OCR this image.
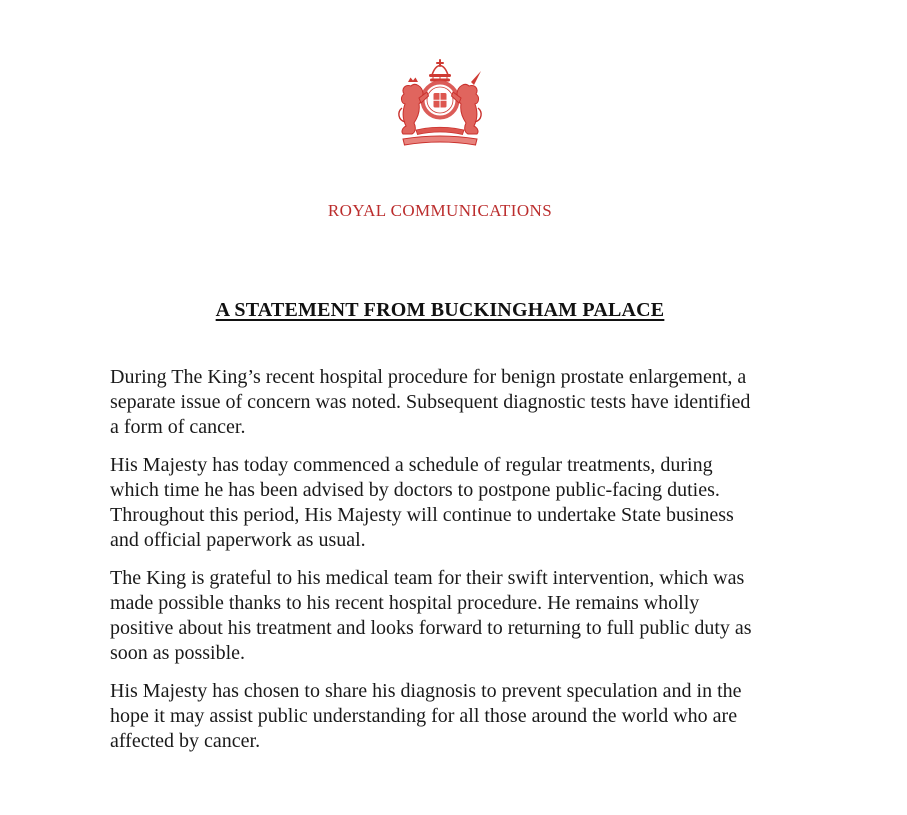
ROYAL COMMUNICATIONS
A STATEMENT FROM BUCKINGHAM PALACE

During The King’s recent hospital procedure for benign prostate enlargement, a
separate issue of concern was noted. Subsequent diagnostic tests have identified
a form of cancer.

His Majesty has today commenced a schedule of regular treatments, during
which time he has been advised by doctors to postpone public-facing duties.
Throughout this period, His Majesty will continue to undertake State business
and official paperwork as usual.

The King is grateful to his medical team for their swift intervention, which was
made possible thanks to his recent hospital procedure. He remains wholly
positive about his treatment and looks forward to returning to full public duty as
soon as possible.

His Majesty has chosen to share his diagnosis to prevent speculation and in the
hope it may assist public understanding for all those around the world who are
affected by cancer.
